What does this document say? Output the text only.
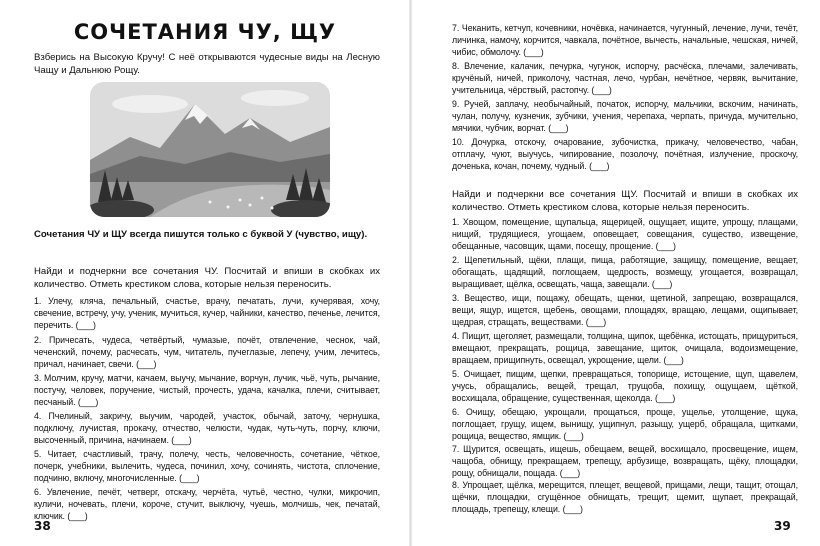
СОЧЕТАНИЯ ЧУ, ЩУ
Взберись на Высокую Кручу! С неё открываются чудесные виды на Лесную Чащу и Дальнюю Рощу.
Сочетания ЧУ и ЩУ всегда пишутся только с буквой У (чувство, ищу).
Найди и подчеркни все сочетания ЧУ. Посчитай и впиши в скобках их количество. Отметь крестиком слова, которые нельзя переносить.
1. Улечу, кляча, печальный, счастье, врачу, печатать, лучи, кучерявая, хочу, свечение, встречу, учу, ученик, мучиться, кучер, чайники, качество, печенье, лечится, перечить. (___)
2. Причесать, чудеса, четвёртый, чумазые, почёт, отвлечение, чеснок, чай, чеченский, почему, расчесать, чум, читатель, пучеглазые, лепечу, учим, лечитесь, причал, начинает, свечи. (___)
3. Молчим, кручу, матчи, качаем, выучу, мычание, ворчун, лучик, чьё, чуть, рычание, постучу, человек, поручение, чистый, прочесть, удача, качалка, плечи, считывает, песчаный. (___)
4. Пчелиный, закричу, выучим, чародей, участок, обычай, заточу, чернушка, подключу, лучистая, прокачу, отчество, челюсти, чудак, чуть-чуть, порчу, ключи, высоченный, причина, начинаем. (___)
5. Читает, счастливый, трачу, полечу, честь, человечность, сочетание, чёткое, почерк, учебники, вылечить, чудеса, починил, хочу, сочинять, чистота, сплочение, подчиню, включу, многочисленные. (___)
6. Увлечение, печёт, четверг, отскачу, черчёта, чутьё, честно, чулки, микрочип, куличи, ночевать, плечи, короче, стучит, выключу, чуешь, молчишь, чек, печатай, ключик. (___)
38
7. Чеканить, кетчуп, кочевники, ночёвка, начинается, чугунный, лечение, лучи, течёт, личинка, намочу, корчится, чавкала, почётное, вычесть, начальные, чешская, ничей, чибис, обмолочу. (___)
8. Влечение, калачик, печурка, чугунок, испорчу, расчёска, плечами, залечивать, кручёный, ничей, приколочу, частная, лечо, чурбан, нечётное, червяк, вычитание, учительница, чёрствый, растопчу. (___)
9. Ручей, заплачу, необычайный, початок, испорчу, мальчики, вскочим, начинать, чулан, получу, кузнечик, зубчики, учения, черепаха, черпать, причуда, мучительно, мячики, чубчик, ворчат. (___)
10. Дочурка, отскочу, очарование, зубочистка, прикачу, человечество, чабан, отплачу, чуют, выучусь, чипирование, позолочу, почётная, излучение, проскочу, доченька, кочан, почему, чудный. (___)
Найди и подчеркни все сочетания ЩУ. Посчитай и впиши в скобках их количество. Отметь крестиком слова, которые нельзя переносить.
1. Хвощом, помещение, щупальца, ящерицей, ощущает, ищите, упрощу, плащами, нищий, трудящиеся, угощаем, оповещает, совещания, существо, извещение, обещанные, часовщик, щами, посещу, прощение. (___)
2. Щепетильный, щёки, плащи, пища, работящие, защищу, помещение, вещает, обогащать, щадящий, поглощаем, щедрость, возмещу, угощается, возвращал, выращивает, щёлка, освещать, чаща, завещали. (___)
3. Вещество, ищи, пощажу, обещать, щенки, щетиной, запрещаю, возвращался, вещи, ящур, ищется, щебень, овощами, площадях, вращаю, лещами, ощипывает, щедрая, стращать, веществами. (___)
4. Пищит, щеголяет, размещали, толщина, щипок, щебёнка, истощать, прищуриться, вмещают, прекращать, рощица, завещание, щиток, очищала, водоизмещение, вращаем, прищипнуть, освещал, укрощение, щели. (___)
5. Очищает, пищим, щепки, превращаться, топорище, истощение, щуп, щавелем, учусь, обращались, вещей, трещал, трущоба, похищу, ощущаем, щёткой, восхищала, обращение, существенная, щеколда. (___)
6. Очищу, обещаю, укрощали, прощаться, проще, ущелье, утолщение, щука, поглощает, грущу, ищем, вынищу, ущипнул, разыщу, ущерб, обращала, щитками, рощица, вещество, ямщик. (___)
7. Щурится, освещать, ищешь, обещаем, вещей, восхищало, просвещение, ищем, чащоба, обнищу, прекращаем, трепещу, арбузище, возвращать, щёку, площадки, рощу, обнищали, пощада. (___)
8. Упрощает, щёлка, мерещится, плещет, вещевой, прищами, лещи, тащит, отощал, щёчки, площадки, сгущённое обнищать, трещит, щемит, щупает, прекращай, площадь, трепещу, клещи. (___)
39
